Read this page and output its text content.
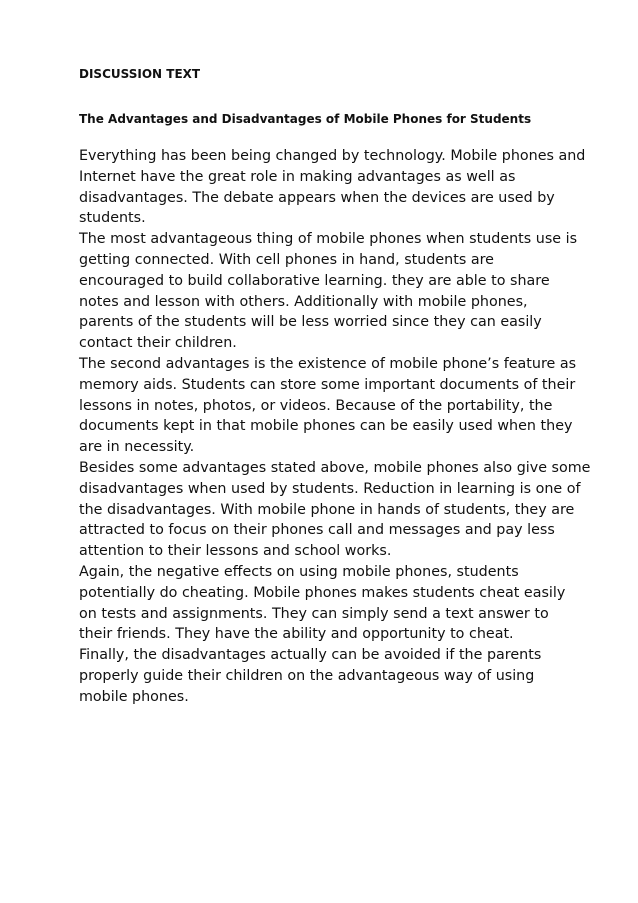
DISCUSSION TEXT
The Advantages and Disadvantages of Mobile Phones for Students
Everything has been being changed by technology. Mobile phones and
Internet have the great role in making advantages as well as
disadvantages. The debate appears when the devices are used by
students.
The most advantageous thing of mobile phones when students use is
getting connected. With cell phones in hand, students are
encouraged to build collaborative learning. they are able to share
notes and lesson with others. Additionally with mobile phones,
parents of the students will be less worried since they can easily
contact their children.
The second advantages is the existence of mobile phone’s feature as
memory aids. Students can store some important documents of their
lessons in notes, photos, or videos. Because of the portability, the
documents kept in that mobile phones can be easily used when they
are in necessity.
Besides some advantages stated above, mobile phones also give some
disadvantages when used by students. Reduction in learning is one of
the disadvantages. With mobile phone in hands of students, they are
attracted to focus on their phones call and messages and pay less
attention to their lessons and school works.
Again, the negative effects on using mobile phones, students
potentially do cheating. Mobile phones makes students cheat easily
on tests and assignments. They can simply send a text answer to
their friends. They have the ability and opportunity to cheat.
Finally, the disadvantages actually can be avoided if the parents
properly guide their children on the advantageous way of using
mobile phones.
